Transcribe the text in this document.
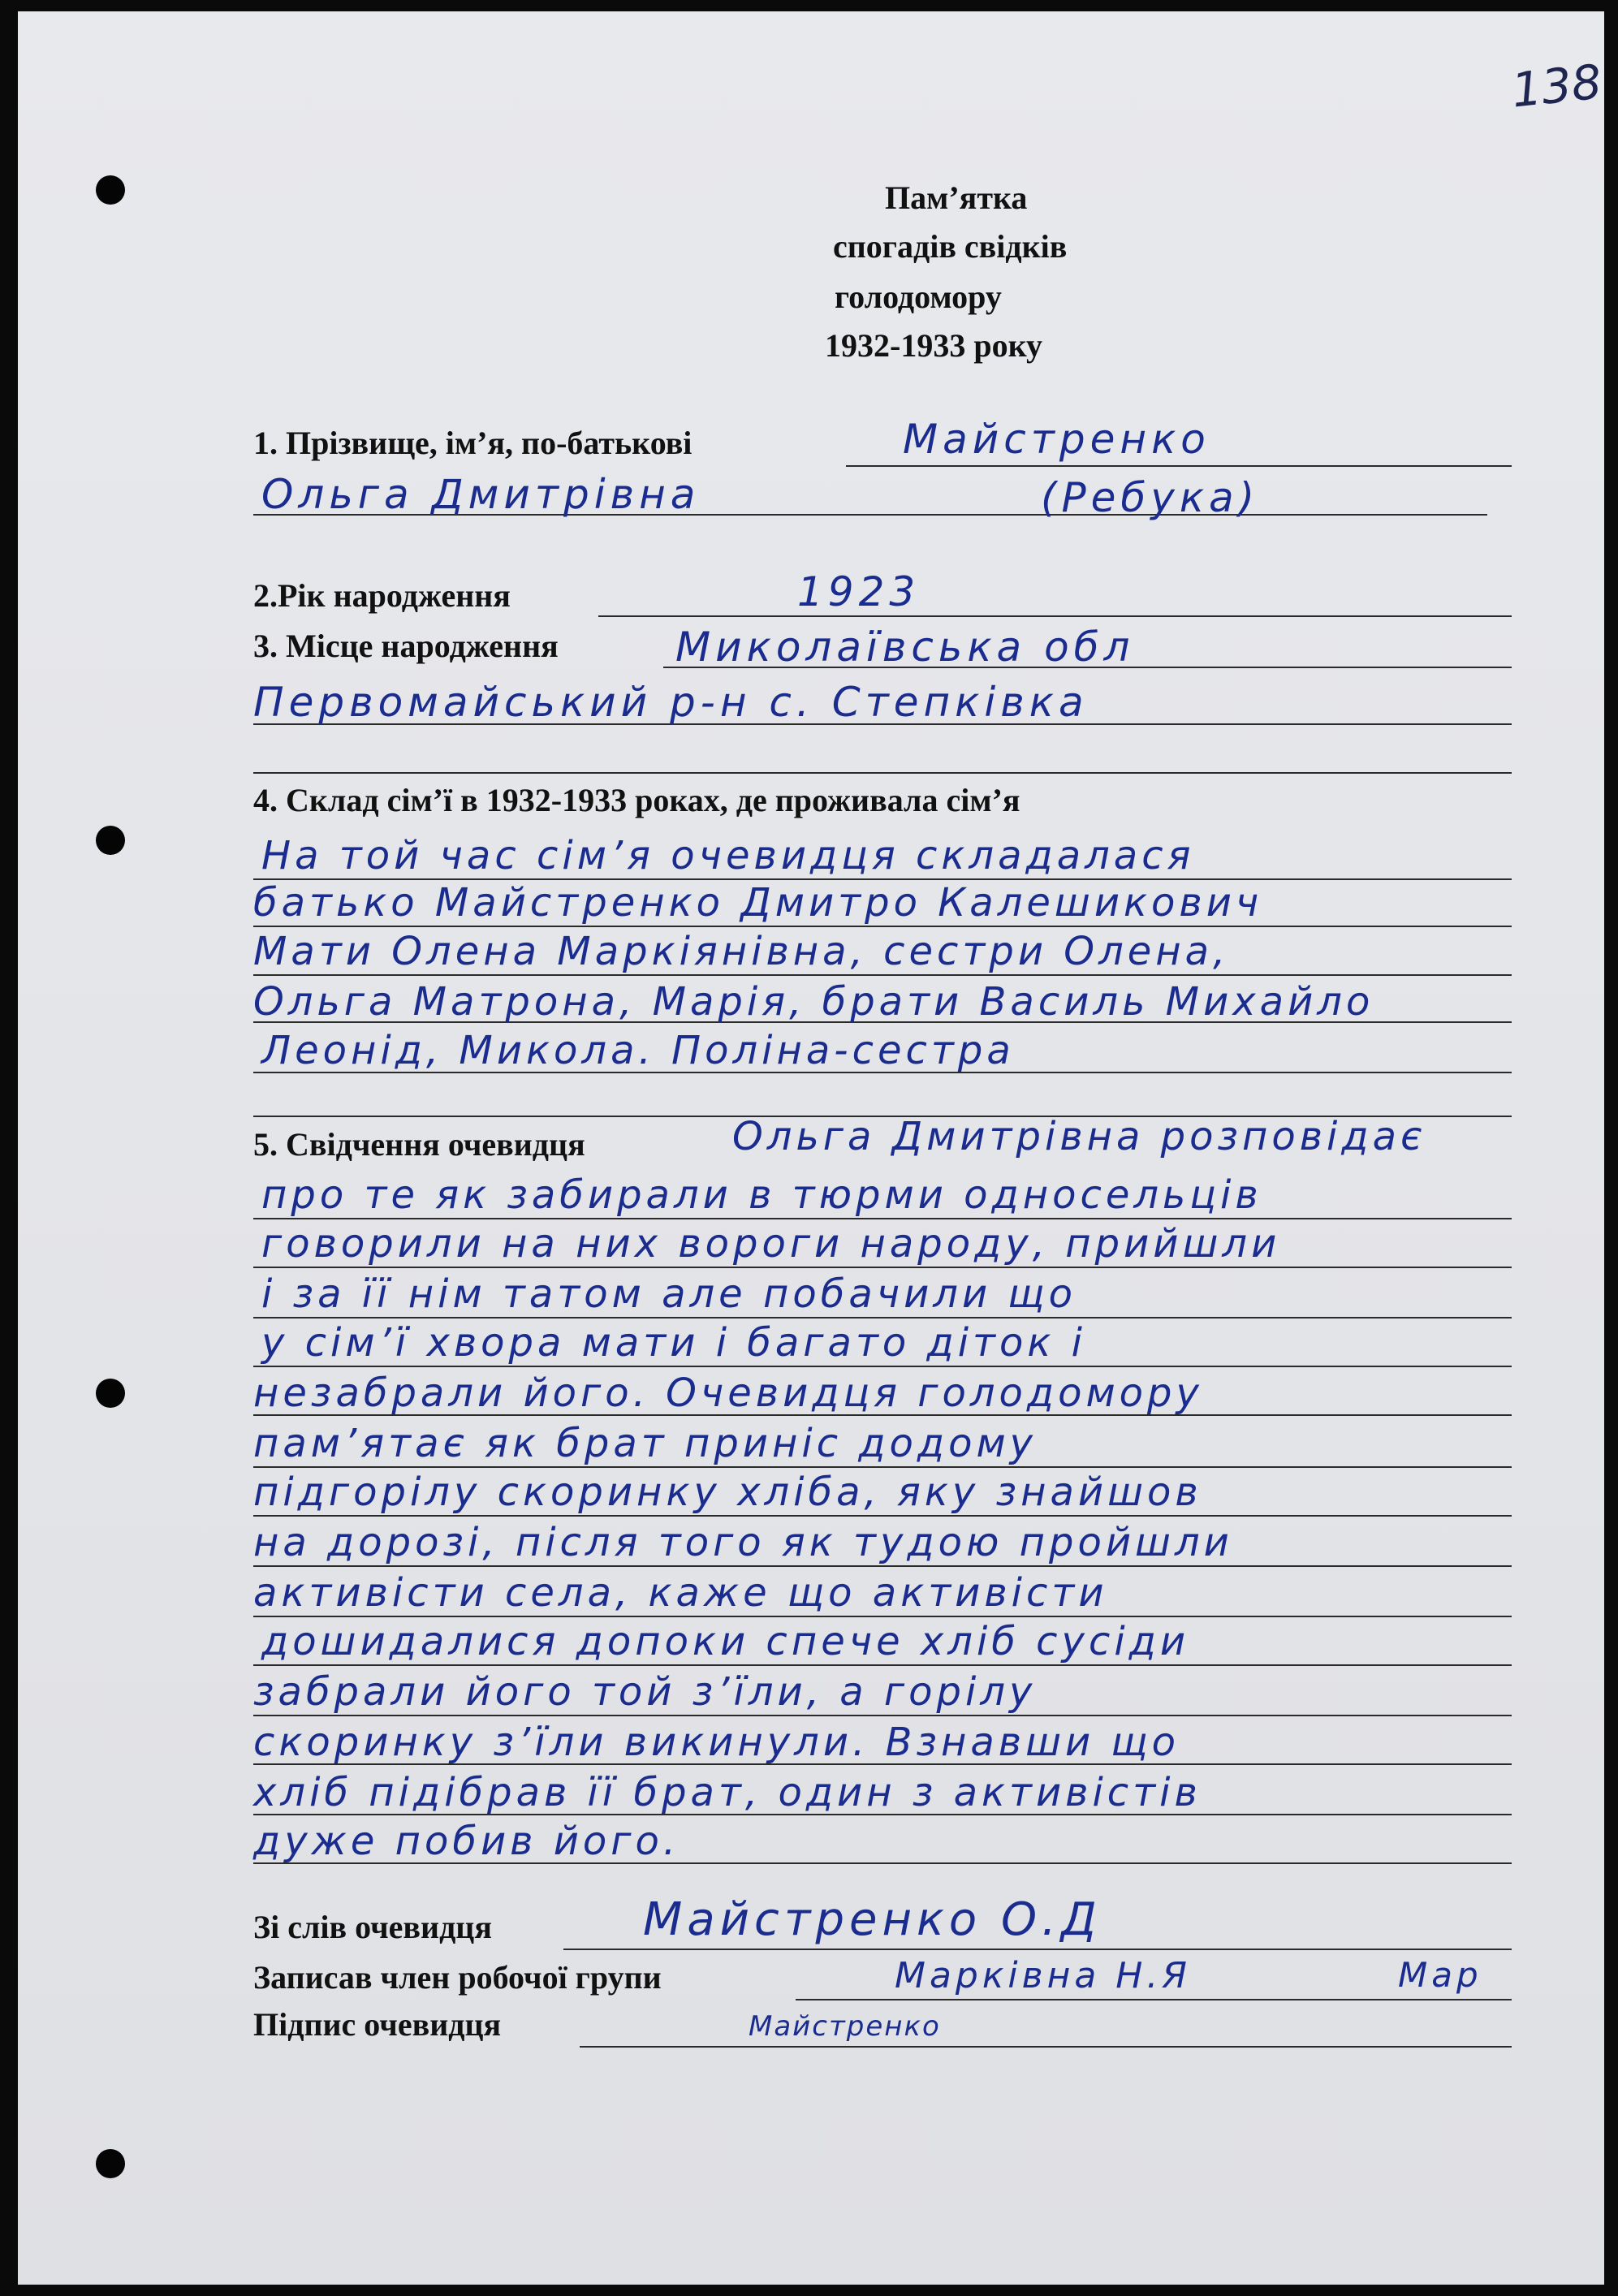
138
Пам’ятка
спогадів свідків
голодомору
1932-1933 року
1. Прізвище, ім’я, по-батькові	Майстренко
Ольга Дмитрівна	(Ребука)
2.Рік народження	1923
3. Місце народження	Миколаївська обл
Первомайський р-н с. Степківка
4. Склад сім’ї в 1932-1933 роках, де проживала сім’я
На той час сім’я очевидця складалася
батько Майстренко Дмитро Калешикович
Мати Олена Маркіянівна, сестри Олена,
Ольга Матрона, Марія, брати Василь Михайло
Леонід, Микола. Поліна-сестра
5. Свідчення очевидця	Ольга Дмитрівна розповідає
про те як забирали в тюрми односельців
говорили на них вороги народу, прийшли
і за її нім татом але побачили що
у сім’ї хвора мати і багато діток і
незабрали його. Очевидця голодомору
пам’ятає як брат приніс додому
підгорілу скоринку хліба, яку знайшов
на дорозі, після того як тудою пройшли
активісти села, каже що активісти
дошидалися допоки спече хліб сусіди
забрали його той з’їли, а горілу
скоринку з’їли викинули. Взнавши що
хліб підібрав її брат, один з активістів
дуже побив його.
Зі слів очевидця	Майстренко О.Д
Записав член робочої групи	Марківна Н.Я	Мар
Підпис очевидця	Майстренко
